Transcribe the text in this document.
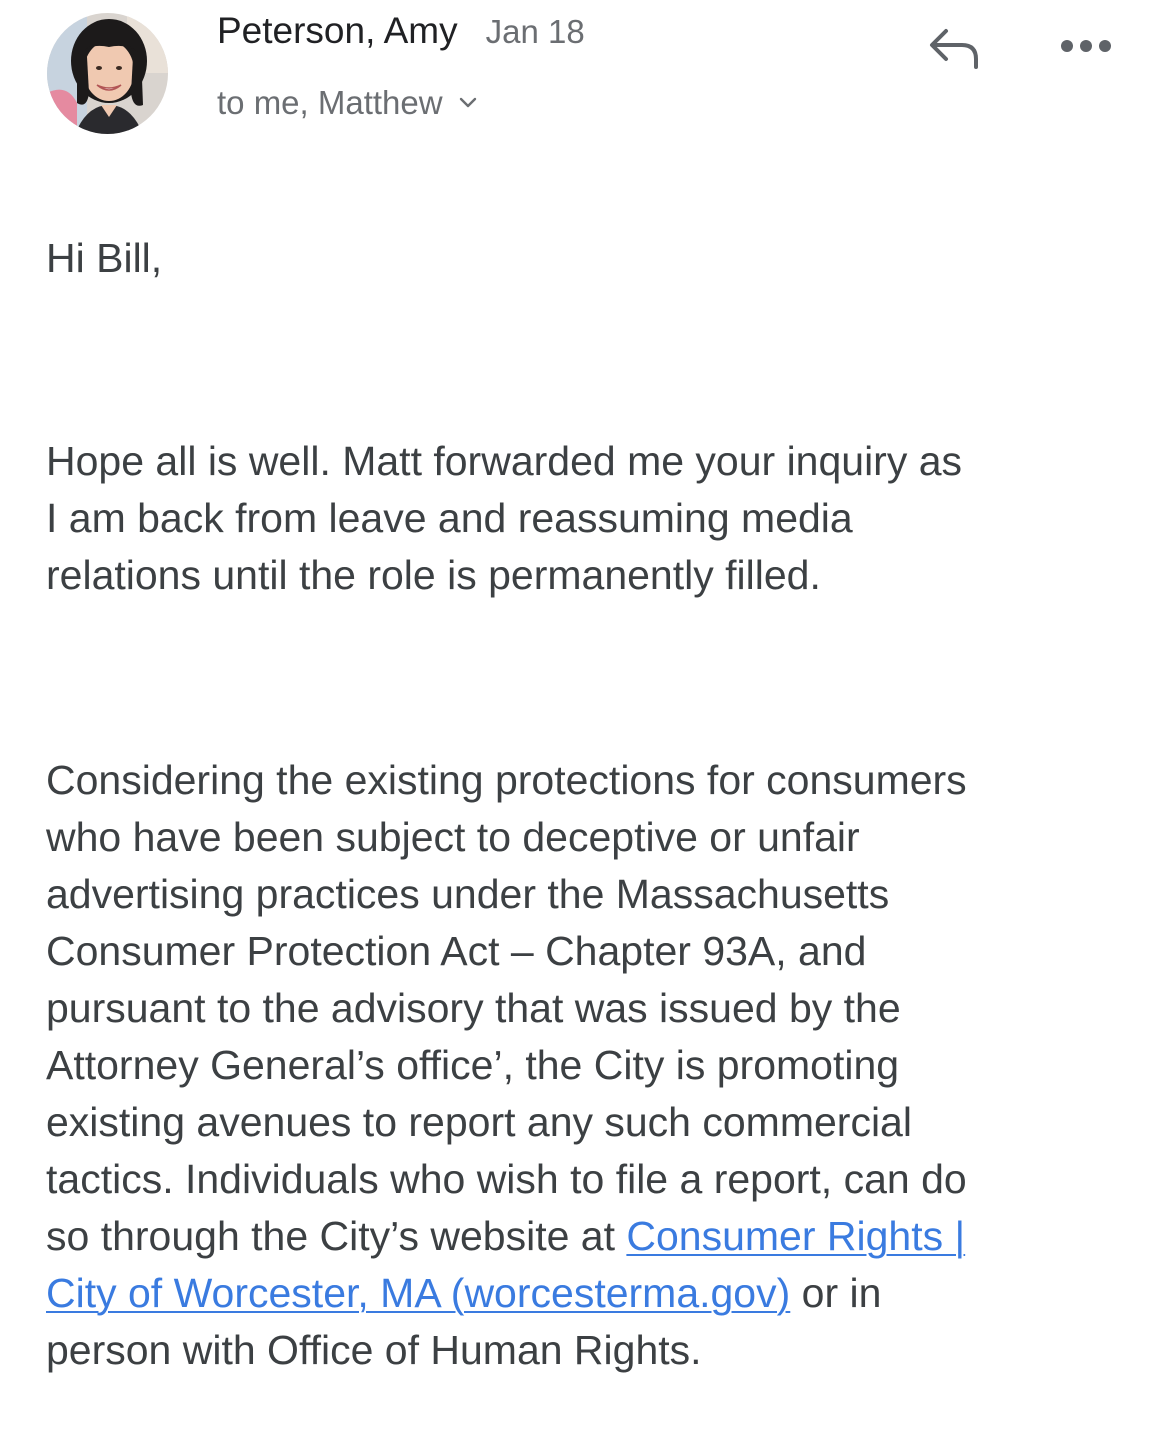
Peterson, Amy Jan 18
to me, Matthew

Hi Bill,

Hope all is well. Matt forwarded me your inquiry as
I am back from leave and reassuming media
relations until the role is permanently filled.

Considering the existing protections for consumers
who have been subject to deceptive or unfair
advertising practices under the Massachusetts
Consumer Protection Act – Chapter 93A, and
pursuant to the advisory that was issued by the
Attorney General’s office’, the City is promoting
existing avenues to report any such commercial
tactics. Individuals who wish to file a report, can do
so through the City’s website at Consumer Rights |
City of Worcester, MA (worcesterma.gov) or in
person with Office of Human Rights.
